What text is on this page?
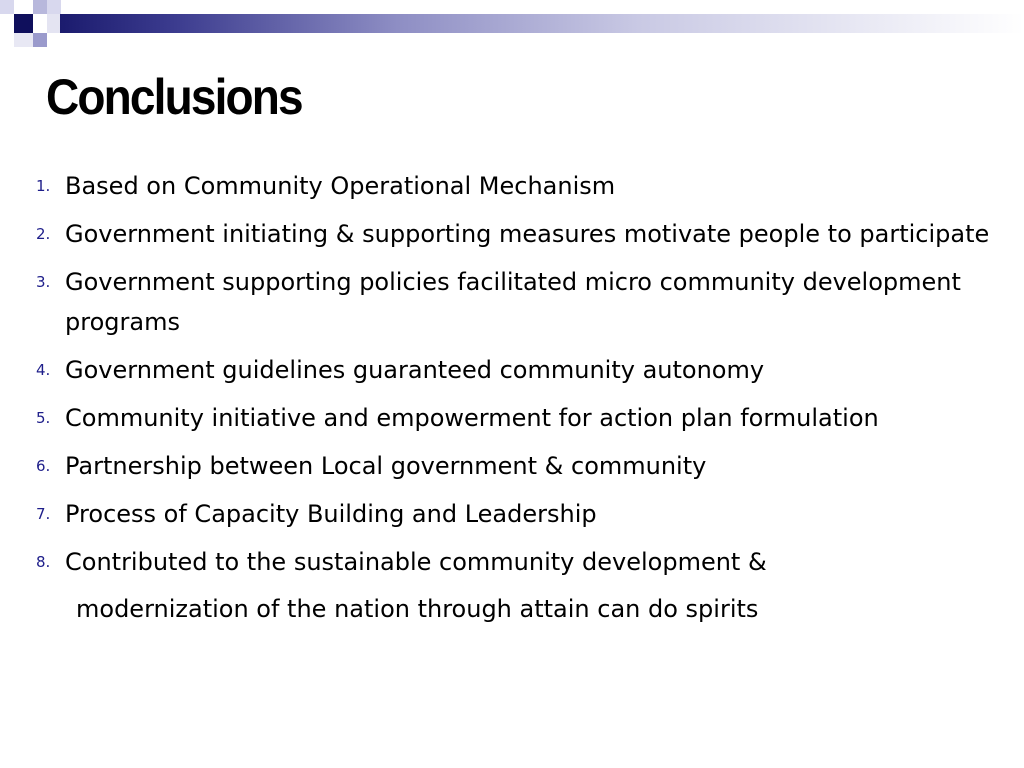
Conclusions
1. Based on Community Operational Mechanism
2. Government initiating & supporting measures motivate people to participate
3. Government supporting policies facilitated micro community development programs
4. Government guidelines guaranteed community autonomy
5. Community initiative and empowerment for action plan formulation
6. Partnership between Local government & community
7. Process of Capacity Building and Leadership
8. Contributed to the sustainable community development &
modernization of the nation through attain can do spirits
